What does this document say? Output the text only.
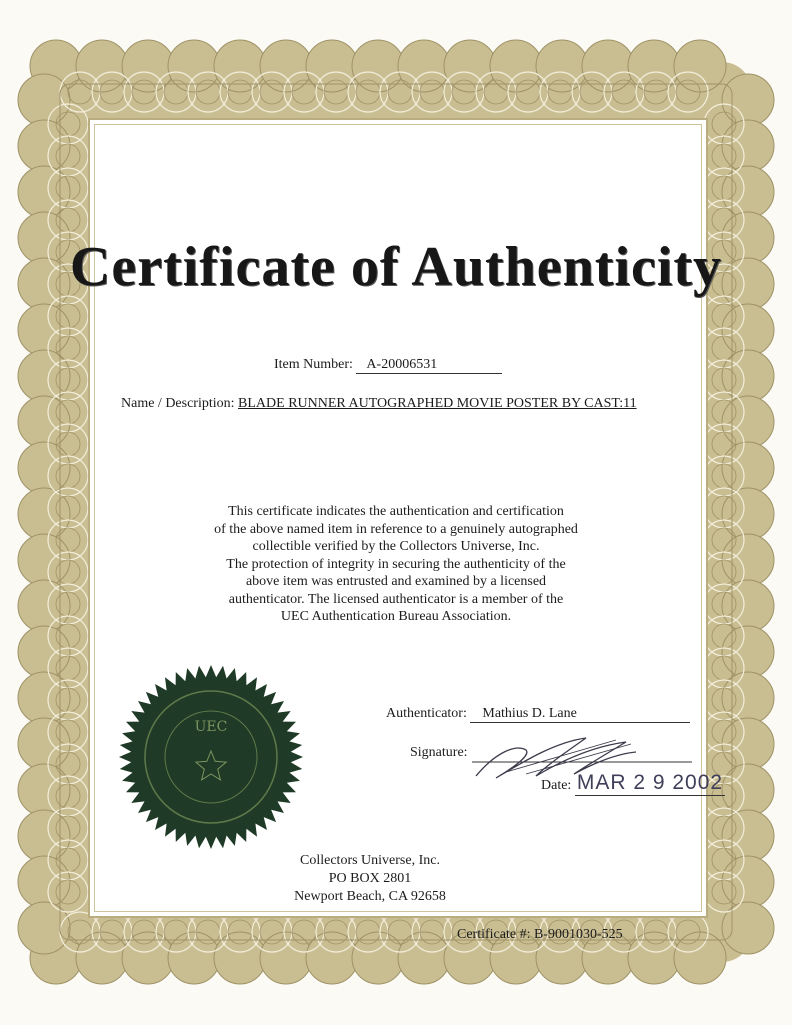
Certificate of Authenticity
Item Number: A-20006531
Name / Description: BLADE RUNNER AUTOGRAPHED MOVIE POSTER BY CAST:11
This certificate indicates the authentication and certification
of the above named item in reference to a genuinely autographed
collectible verified by the Collectors Universe, Inc.
The protection of integrity in securing the authenticity of the
above item was entrusted and examined by a licensed
authenticator. The licensed authenticator is a member of the
UEC Authentication Bureau Association.
UEC
Authenticator: Mathius D. Lane
Signature:
Date: MAR 2 9 2002
Collectors Universe, Inc.
PO BOX 2801
Newport Beach, CA 92658
Certificate #: B-9001030-525
